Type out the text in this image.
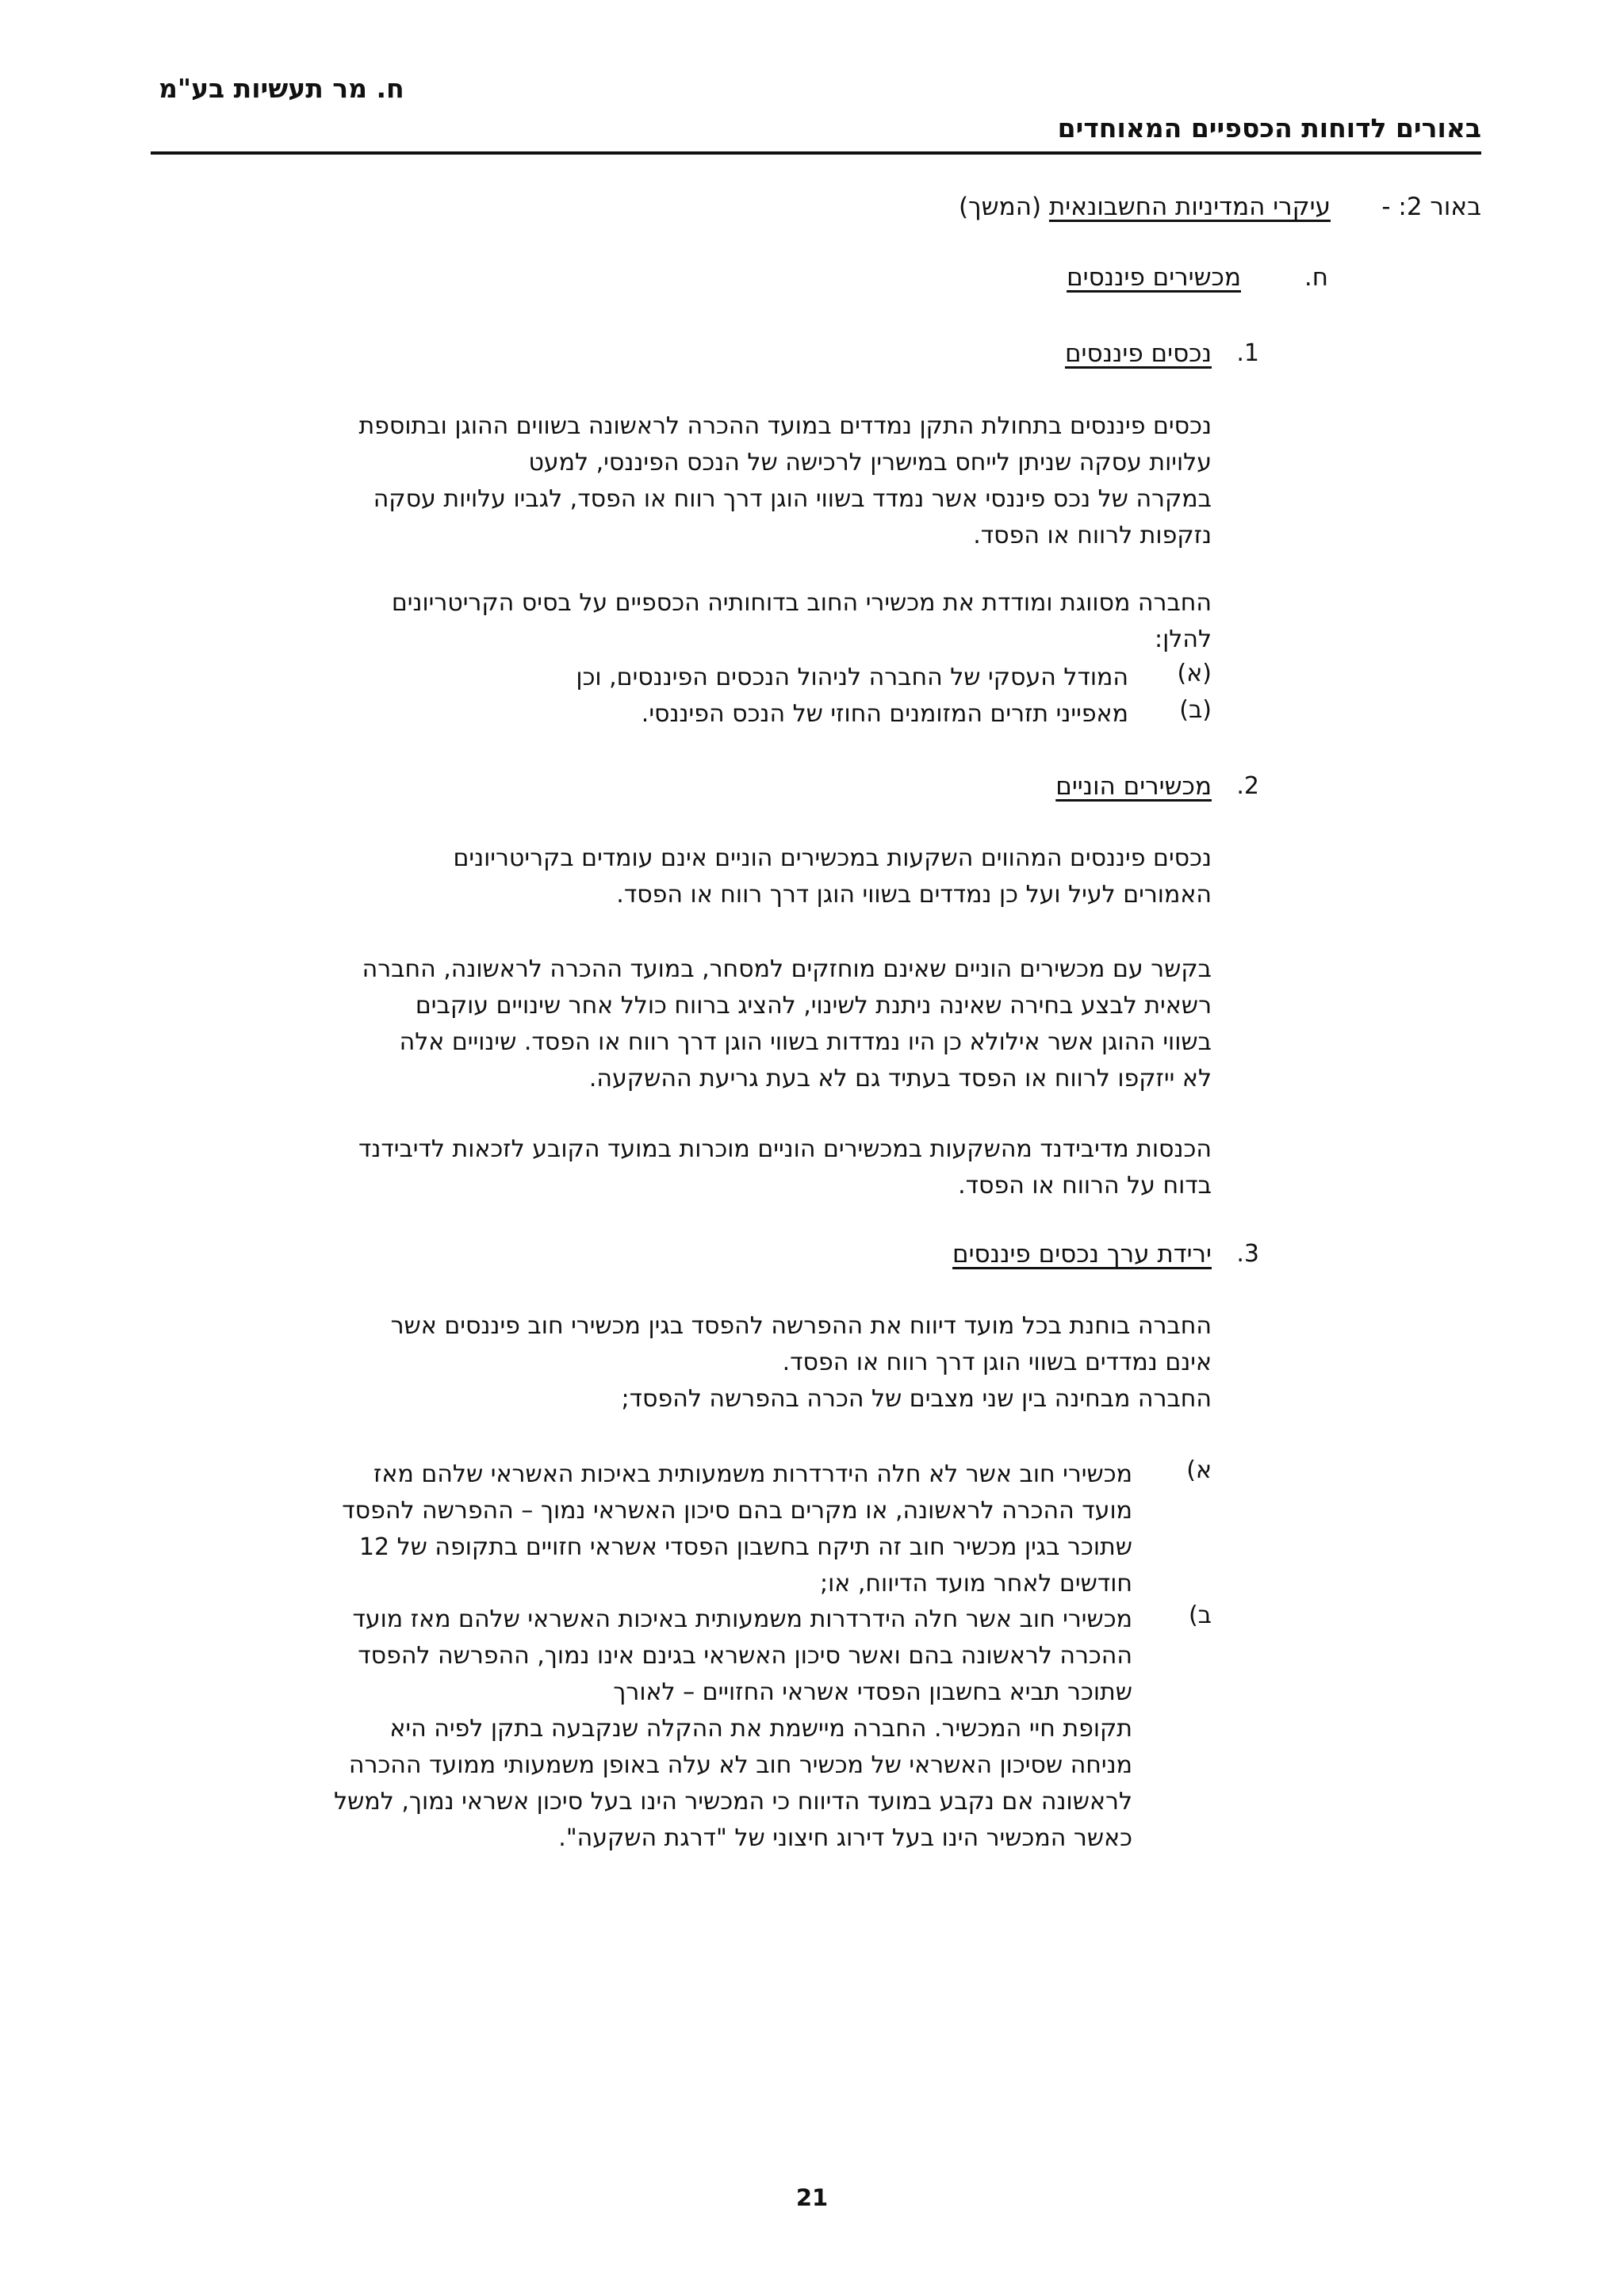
ח. מר תעשיות בע"מ
באורים לדוחות הכספיים המאוחדים
באור 2: -
עיקרי המדיניות החשבונאית (המשך)
ח.
מכשירים פיננסים
1.
נכסים פיננסים
נכסים פיננסים בתחולת התקן נמדדים במועד ההכרה לראשונה בשווים ההוגן ובתוספת
עלויות עסקה שניתן לייחס במישרין לרכישה של הנכס הפיננסי, למעט
במקרה של נכס פיננסי אשר נמדד בשווי הוגן דרך רווח או הפסד, לגביו עלויות עסקה
נזקפות לרווח או הפסד.
החברה מסווגת ומודדת את מכשירי החוב בדוחותיה הכספיים על בסיס הקריטריונים
להלן:
(א)
המודל העסקי של החברה לניהול הנכסים הפיננסים, וכן
(ב)
מאפייני תזרים המזומנים החוזי של הנכס הפיננסי.
2.
מכשירים הוניים
נכסים פיננסים המהווים השקעות במכשירים הוניים אינם עומדים בקריטריונים
האמורים לעיל ועל כן נמדדים בשווי הוגן דרך רווח או הפסד.
בקשר עם מכשירים הוניים שאינם מוחזקים למסחר, במועד ההכרה לראשונה, החברה
רשאית לבצע בחירה שאינה ניתנת לשינוי, להציג ברווח כולל אחר שינויים עוקבים
בשווי ההוגן אשר אילולא כן היו נמדדות בשווי הוגן דרך רווח או הפסד. שינויים אלה
לא ייזקפו לרווח או הפסד בעתיד גם לא בעת גריעת ההשקעה.
הכנסות מדיבידנד מהשקעות במכשירים הוניים מוכרות במועד הקובע לזכאות לדיבידנד
בדוח על הרווח או הפסד.
3.
ירידת ערך נכסים פיננסים
החברה בוחנת בכל מועד דיווח את ההפרשה להפסד בגין מכשירי חוב פיננסים אשר
אינם נמדדים בשווי הוגן דרך רווח או הפסד.
החברה מבחינה בין שני מצבים של הכרה בהפרשה להפסד;
א)
מכשירי חוב אשר לא חלה הידרדרות משמעותית באיכות האשראי שלהם מאז
מועד ההכרה לראשונה, או מקרים בהם סיכון האשראי נמוך – ההפרשה להפסד
שתוכר בגין מכשיר חוב זה תיקח בחשבון הפסדי אשראי חזויים בתקופה של 12
חודשים לאחר מועד הדיווח, או;
ב)
מכשירי חוב אשר חלה הידרדרות משמעותית באיכות האשראי שלהם מאז מועד
ההכרה לראשונה בהם ואשר סיכון האשראי בגינם אינו נמוך, ההפרשה להפסד
שתוכר תביא בחשבון הפסדי אשראי החזויים – לאורך
תקופת חיי המכשיר. החברה מיישמת את ההקלה שנקבעה בתקן לפיה היא
מניחה שסיכון האשראי של מכשיר חוב לא עלה באופן משמעותי ממועד ההכרה
לראשונה אם נקבע במועד הדיווח כי המכשיר הינו בעל סיכון אשראי נמוך, למשל
כאשר המכשיר הינו בעל דירוג חיצוני של "דרגת השקעה".
21
